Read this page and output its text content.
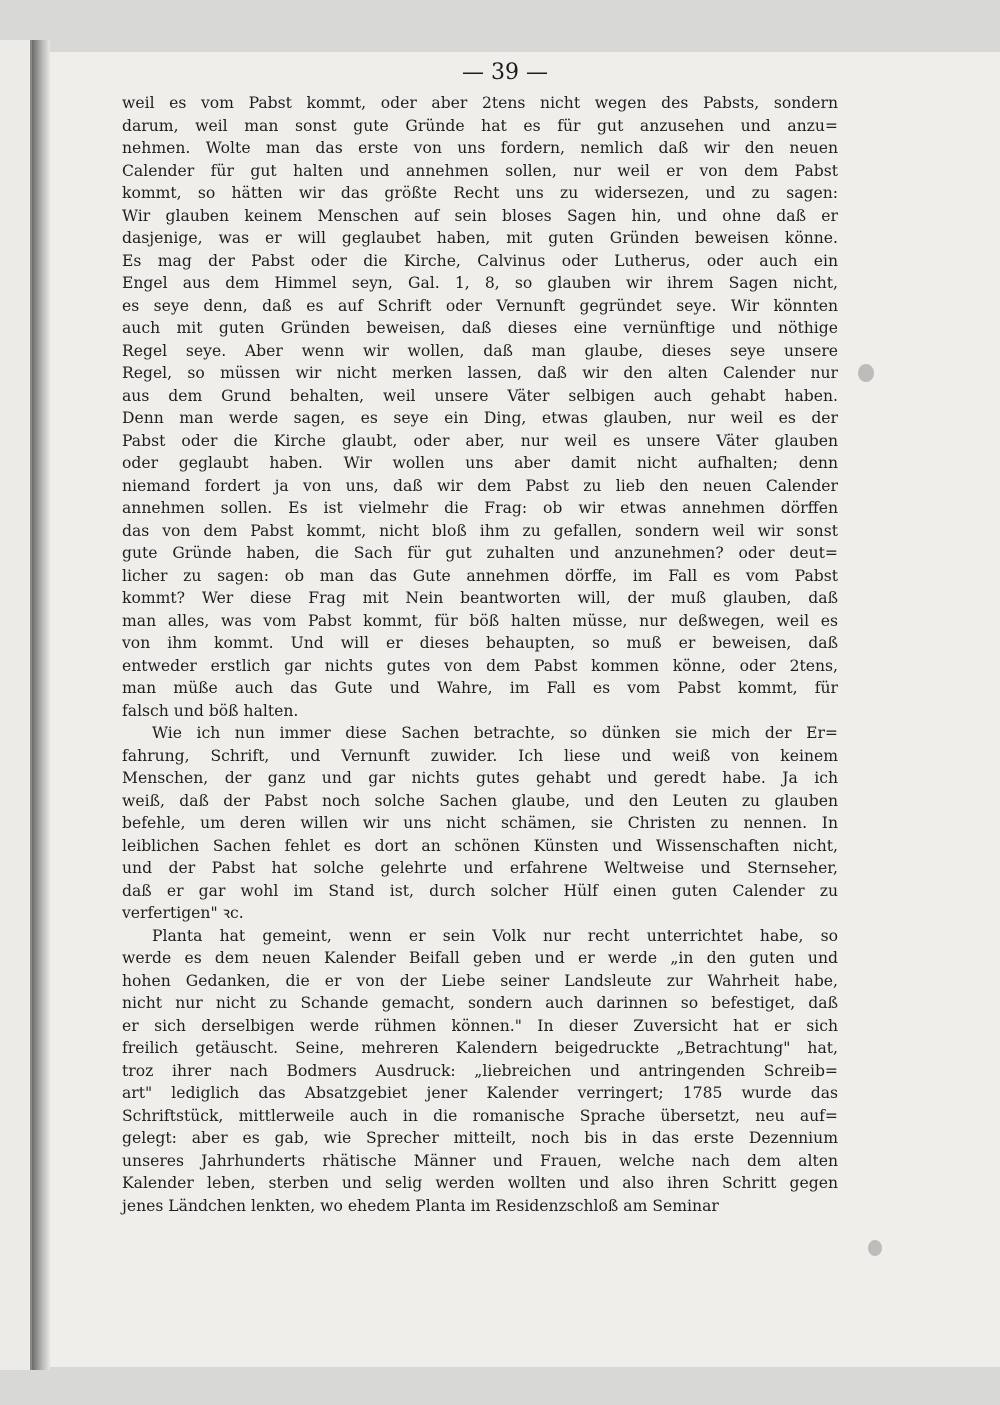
— 39 —

weil es vom Pabst kommt, oder aber 2tens nicht wegen des Pabsts, sondern
darum, weil man sonst gute Gründe hat es für gut anzusehen und anzu=
nehmen. Wolte man das erste von uns fordern, nemlich daß wir den neuen
Calender für gut halten und annehmen sollen, nur weil er von dem Pabst
kommt, so hätten wir das größte Recht uns zu widersezen, und zu sagen:
Wir glauben keinem Menschen auf sein bloses Sagen hin, und ohne daß er
dasjenige, was er will geglaubet haben, mit guten Gründen beweisen könne.
Es mag der Pabst oder die Kirche, Calvinus oder Lutherus, oder auch ein
Engel aus dem Himmel seyn, Gal. 1, 8, so glauben wir ihrem Sagen nicht,
es seye denn, daß es auf Schrift oder Vernunft gegründet seye. Wir könnten
auch mit guten Gründen beweisen, daß dieses eine vernünftige und nöthige
Regel seye. Aber wenn wir wollen, daß man glaube, dieses seye unsere
Regel, so müssen wir nicht merken lassen, daß wir den alten Calender nur
aus dem Grund behalten, weil unsere Väter selbigen auch gehabt haben.
Denn man werde sagen, es seye ein Ding, etwas glauben, nur weil es der
Pabst oder die Kirche glaubt, oder aber, nur weil es unsere Väter glauben
oder geglaubt haben. Wir wollen uns aber damit nicht aufhalten; denn
niemand fordert ja von uns, daß wir dem Pabst zu lieb den neuen Calender
annehmen sollen. Es ist vielmehr die Frag: ob wir etwas annehmen dörffen
das von dem Pabst kommt, nicht bloß ihm zu gefallen, sondern weil wir sonst
gute Gründe haben, die Sach für gut zuhalten und anzunehmen? oder deut=
licher zu sagen: ob man das Gute annehmen dörffe, im Fall es vom Pabst
kommt? Wer diese Frag mit Nein beantworten will, der muß glauben, daß
man alles, was vom Pabst kommt, für böß halten müsse, nur deßwegen, weil es
von ihm kommt. Und will er dieses behaupten, so muß er beweisen, daß
entweder erstlich gar nichts gutes von dem Pabst kommen könne, oder 2tens,
man müße auch das Gute und Wahre, im Fall es vom Pabst kommt, für
falsch und böß halten.

Wie ich nun immer diese Sachen betrachte, so dünken sie mich der Er=
fahrung, Schrift, und Vernunft zuwider. Ich liese und weiß von keinem
Menschen, der ganz und gar nichts gutes gehabt und geredt habe. Ja ich
weiß, daß der Pabst noch solche Sachen glaube, und den Leuten zu glauben
befehle, um deren willen wir uns nicht schämen, sie Christen zu nennen. In
leiblichen Sachen fehlet es dort an schönen Künsten und Wissenschaften nicht,
und der Pabst hat solche gelehrte und erfahrene Weltweise und Sternseher,
daß er gar wohl im Stand ist, durch solcher Hülf einen guten Calender zu
verfertigen" ꝛc.

Planta hat gemeint, wenn er sein Volk nur recht unterrichtet habe, so
werde es dem neuen Kalender Beifall geben und er werde „in den guten und
hohen Gedanken, die er von der Liebe seiner Landsleute zur Wahrheit habe,
nicht nur nicht zu Schande gemacht, sondern auch darinnen so befestiget, daß
er sich derselbigen werde rühmen können." In dieser Zuversicht hat er sich
freilich getäuscht. Seine, mehreren Kalendern beigedruckte „Betrachtung" hat,
troz ihrer nach Bodmers Ausdruck: „liebreichen und antringenden Schreib=
art" lediglich das Absatzgebiet jener Kalender verringert; 1785 wurde das
Schriftstück, mittlerweile auch in die romanische Sprache übersetzt, neu auf=
gelegt: aber es gab, wie Sprecher mitteilt, noch bis in das erste Dezennium
unseres Jahrhunderts rhätische Männer und Frauen, welche nach dem alten
Kalender leben, sterben und selig werden wollten und also ihren Schritt gegen
jenes Ländchen lenkten, wo ehedem Planta im Residenzschloß am Seminar
